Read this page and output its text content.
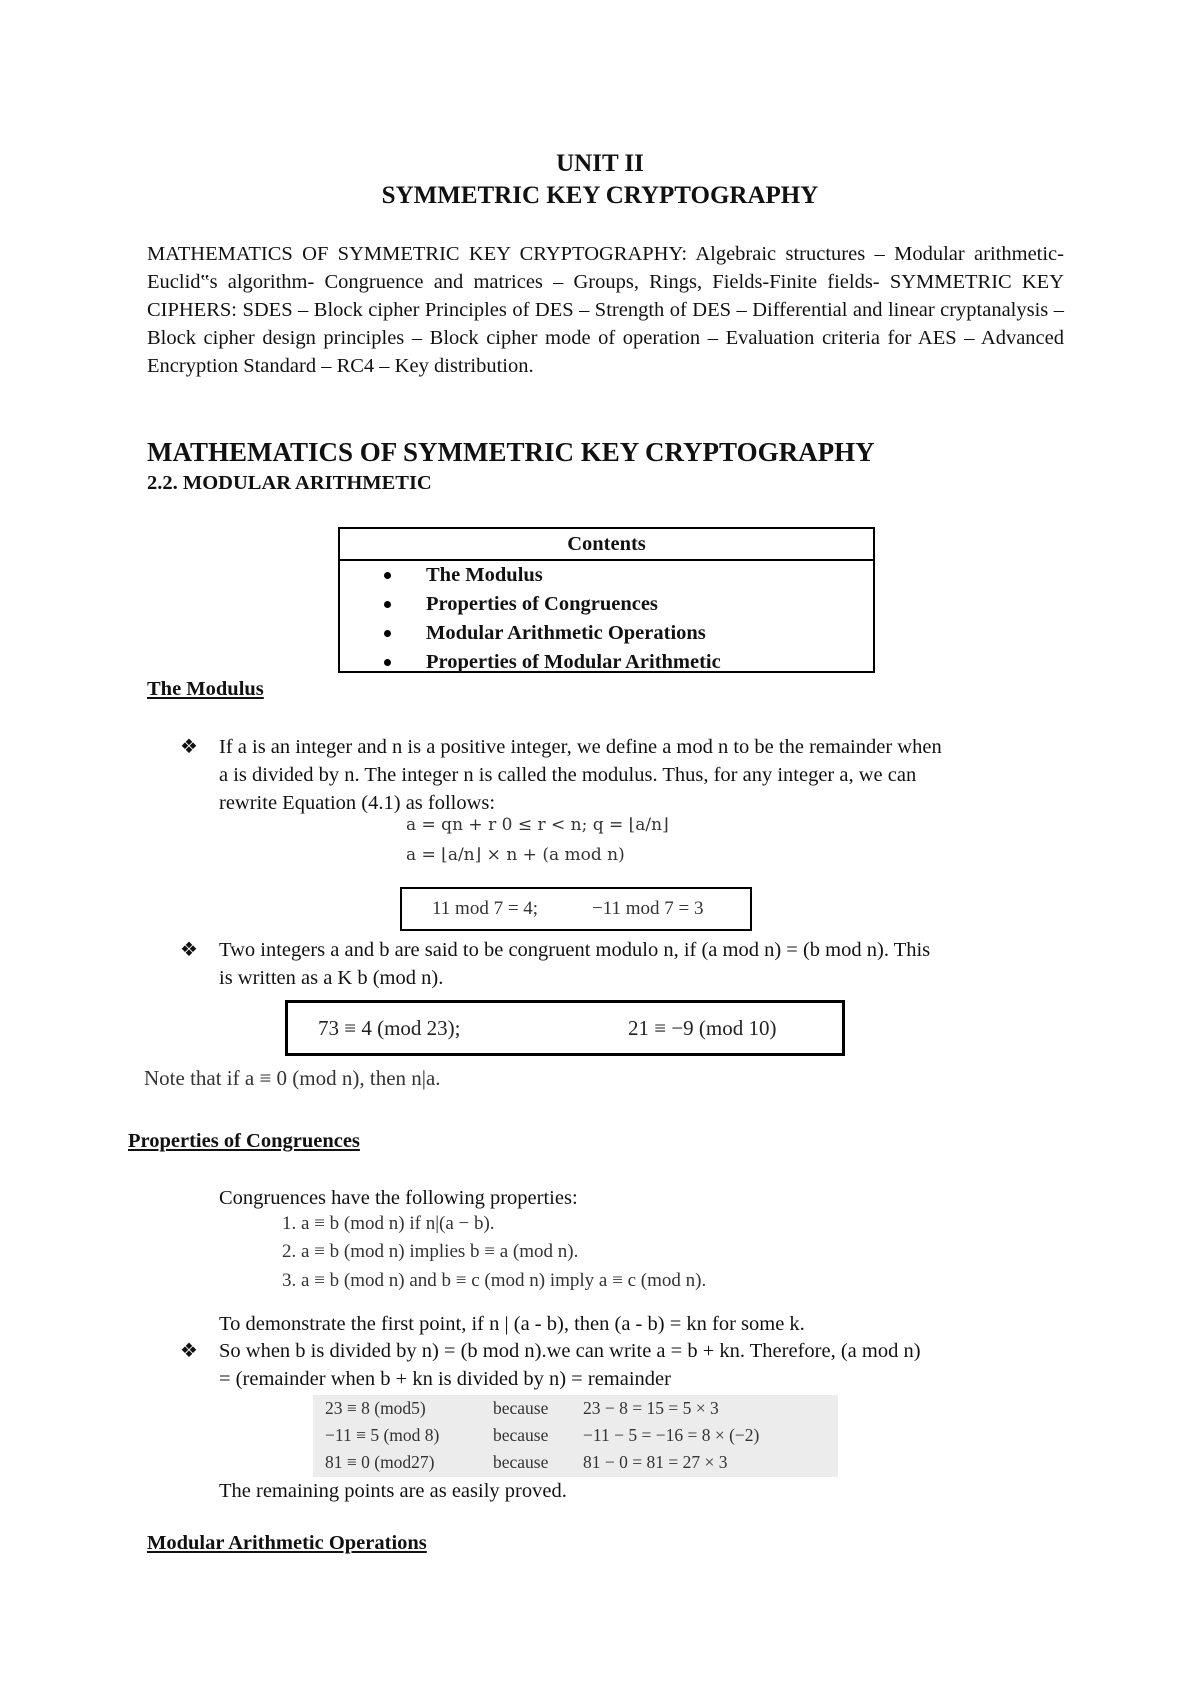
UNIT II
SYMMETRIC KEY CRYPTOGRAPHY

MATHEMATICS OF SYMMETRIC KEY CRYPTOGRAPHY: Algebraic structures – Modular arithmetic-Euclid‟s algorithm- Congruence and matrices – Groups, Rings, Fields-Finite fields- SYMMETRIC KEY CIPHERS: SDES – Block cipher Principles of DES – Strength of DES – Differential and linear cryptanalysis – Block cipher design principles – Block cipher mode of operation – Evaluation criteria for AES – Advanced Encryption Standard – RC4 – Key distribution.

MATHEMATICS OF SYMMETRIC KEY CRYPTOGRAPHY
2.2. MODULAR ARITHMETIC
Contents
The Modulus
Properties of Congruences
Modular Arithmetic Operations
Properties of Modular Arithmetic
The Modulus
❖ If a is an integer and n is a positive integer, we define a mod n to be the remainder when
a is divided by n. The integer n is called the modulus. Thus, for any integer a, we can
rewrite Equation (4.1) as follows:
a = qn + r 0 ≤ r < n; q = ⌊a/n⌋
a = ⌊a/n⌋ × n + (a mod n)
11 mod 7 = 4;	−11 mod 7 = 3
❖ Two integers a and b are said to be congruent modulo n, if (a mod n) = (b mod n). This
is written as a K b (mod n).
73 ≡ 4 (mod 23);	21 ≡ −9 (mod 10)
Note that if a ≡ 0 (mod n), then n|a.
Properties of Congruences
Congruences have the following properties:
1. a ≡ b (mod n) if n|(a − b).
2. a ≡ b (mod n) implies b ≡ a (mod n).
3. a ≡ b (mod n) and b ≡ c (mod n) imply a ≡ c (mod n).
To demonstrate the first point, if n | (a - b), then (a - b) = kn for some k.
❖ So when b is divided by n) = (b mod n).we can write a = b + kn. Therefore, (a mod n)
= (remainder when b + kn is divided by n) = remainder
23 ≡ 8 (mod5)	because 23 − 8 = 15 = 5 × 3
−11 ≡ 5 (mod 8)	because −11 − 5 = −16 = 8 × (−2)
81 ≡ 0 (mod27)	because 81 − 0 = 81 = 27 × 3
The remaining points are as easily proved.
Modular Arithmetic Operations
